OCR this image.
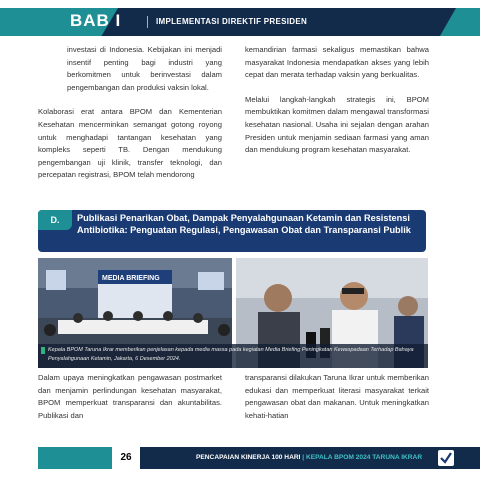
BAB I	IMPLEMENTASI DIREKTIF PRESIDEN

investasi di Indonesia. Kebijakan ini menjadi insentif penting bagi industri yang berkomitmen untuk berinvestasi dalam pengembangan dan produksi vaksin lokal.

Kolaborasi erat antara BPOM dan Kementerian Kesehatan mencerminkan semangat gotong royong untuk menghadapi tantangan kesehatan yang kompleks seperti TB. Dengan mendukung pengembangan uji klinik, transfer teknologi, dan percepatan registrasi, BPOM telah mendorong

kemandirian farmasi sekaligus memastikan bahwa masyarakat Indonesia mendapatkan akses yang lebih cepat dan merata terhadap vaksin yang berkualitas.

Melalui langkah-langkah strategis ini, BPOM membuktikan komitmen dalam mengawal transformasi kesehatan nasional. Usaha ini sejalan dengan arahan Presiden untuk menjamin sediaan farmasi yang aman dan mendukung program kesehatan masyarakat.

D.	Publikasi Penarikan Obat, Dampak Penyalahgunaan Ketamin dan Resistensi Antibiotika: Penguatan Regulasi, Pengawasan Obat dan Transparansi Publik
MEDIA BRIEFING
Kepala BPOM Taruna Ikrar memberikan penjelasan kepada media massa pada kegiatan Media Briefing Peningkatan Kewaspadaan Terhadap Bahaya Penyalahgunaan Ketamin, Jakarta, 6 Desember 2024.

Dalam upaya meningkatkan pengawasan postmarket dan menjamin perlindungan kesehatan masyarakat, BPOM memperkuat transparansi dan akuntabilitas. Publikasi dan

transparansi dilakukan Taruna Ikrar untuk memberikan edukasi dan memperkuat literasi masyarakat terkait pengawasan obat dan makanan. Untuk meningkatkan kehati-hatian

26	PENCAPAIAN KINERJA 100 HARI | KEPALA BPOM 2024 TARUNA IKRAR
